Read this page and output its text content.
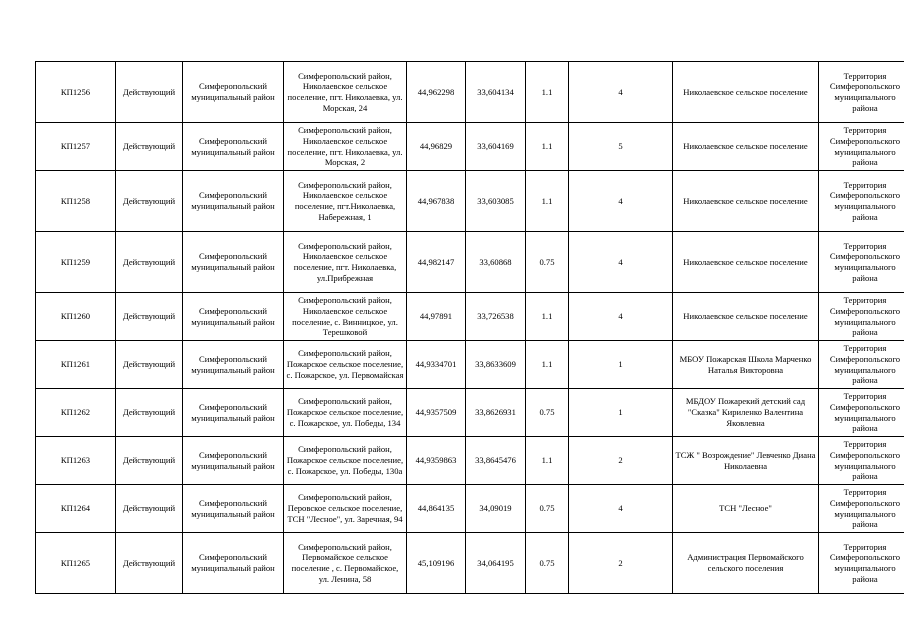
КП1256	Действующий	Симферопольский муниципальный район	Симферопольский район, Николаевское сельское поселение, пгт. Николаевка, ул. Морская, 24	44,962298	33,604134	1.1	4	Николаевское сельское поселение	Территория Симферопольского муниципального района
КП1257	Действующий	Симферопольский муниципальный район	Симферопольский район, Николаевское сельское поселение, пгт. Николаевка, ул. Морская, 2	44,96829	33,604169	1.1	5	Николаевское сельское поселение	Территория Симферопольского муниципального района
КП1258	Действующий	Симферопольский муниципальный район	Симферопольский район, Николаевское сельское поселение, пгт.Николаевка, Набережная, 1	44,967838	33,603085	1.1	4	Николаевское сельское поселение	Территория Симферопольского муниципального района
КП1259	Действующий	Симферопольский муниципальный район	Симферопольский район, Николаевское сельское поселение, пгт. Николаевка, ул.Прибрежная	44,982147	33,60868	0.75	4	Николаевское сельское поселение	Территория Симферопольского муниципального района
КП1260	Действующий	Симферопольский муниципальный район	Симферопольский район, Николаевское сельское поселение, с. Винницкое, ул. Терешковой	44,97891	33,726538	1.1	4	Николаевское сельское поселение	Территория Симферопольского муниципального района
КП1261	Действующий	Симферопольский муниципальный район	Симферопольский район, Пожарское сельское поселение, с. Пожарское, ул. Первомайская	44,9334701	33,8633609	1.1	1	МБОУ Пожарская Школа Марченко Наталья Викторовна	Территория Симферопольского муниципального района
КП1262	Действующий	Симферопольский муниципальный район	Симферопольский район, Пожарское сельское поселение, с. Пожарское, ул. Победы, 134	44,9357509	33,8626931	0.75	1	МБДОУ Пожарекий детский сад "Сказка" Кириленко Валентина Яковлевна	Территория Симферопольского муниципального района
КП1263	Действующий	Симферопольский муниципальный район	Симферопольский район, Пожарское сельское поселение, с. Пожарское, ул. Победы, 130а	44,9359863	33,8645476	1.1	2	ТСЖ " Возрождение" Левченко Диана Николаевна	Территория Симферопольского муниципального района
КП1264	Действующий	Симферопольский муниципальный район	Симферопольский район, Перовское сельское поселение, ТСН "Лесное", ул. Заречная, 94	44,864135	34,09019	0.75	4	ТСН "Лесное"	Территория Симферопольского муниципального района
КП1265	Действующий	Симферопольский муниципальный район	Симферопольский район, Первомайское сельское поселение , с. Первомайское, ул. Ленина, 58	45,109196	34,064195	0.75	2	Администрация Первомайского сельского поселения	Территория Симферопольского муниципального района
